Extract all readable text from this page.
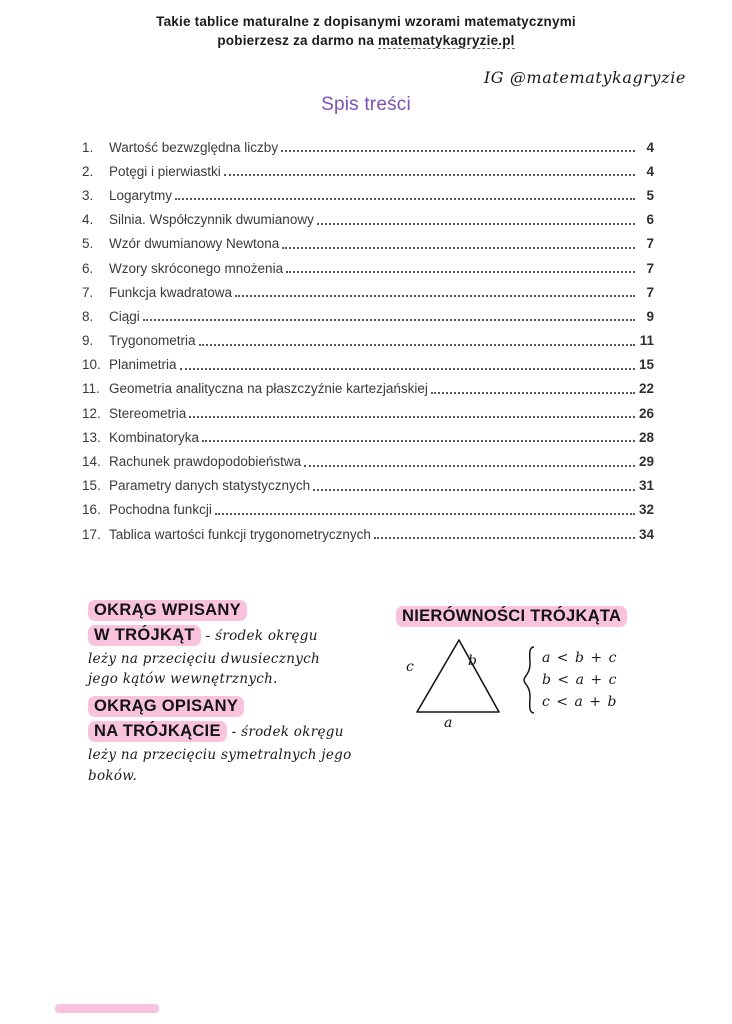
Takie tablice maturalne z dopisanymi wzorami matematycznymi
pobierzesz za darmo na matematykagryzie.pl
IG @matematykagryzie
Spis treści
1.	Wartość bezwzględna liczby	4
2.	Potęgi i pierwiastki	4
3.	Logarytmy	5
4.	Silnia. Współczynnik dwumianowy	6
5.	Wzór dwumianowy Newtona	7
6.	Wzory skróconego mnożenia	7
7.	Funkcja kwadratowa	7
8.	Ciągi	9
9.	Trygonometria	11
10. Planimetria	15
11. Geometria analityczna na płaszczyźnie kartezjańskiej	22
12. Stereometria	26
13. Kombinatoryka	28
14. Rachunek prawdopodobieństwa	29
15. Parametry danych statystycznych	31
16. Pochodna funkcji	32
17. Tablica wartości funkcji trygonometrycznych	34
OKRĄG WPISANY
W TRÓJKĄT - środek okręgu
leży na przecięciu dwusiecznych
jego kątów wewnętrznych.
OKRĄG OPISANY
NA TRÓJKĄCIE - środek okręgu
leży na przecięciu symetralnych jego
boków.
NIERÓWNOŚCI TRÓJKĄTA
c	b
a
a < b + c
b < a + c
c < a + b
